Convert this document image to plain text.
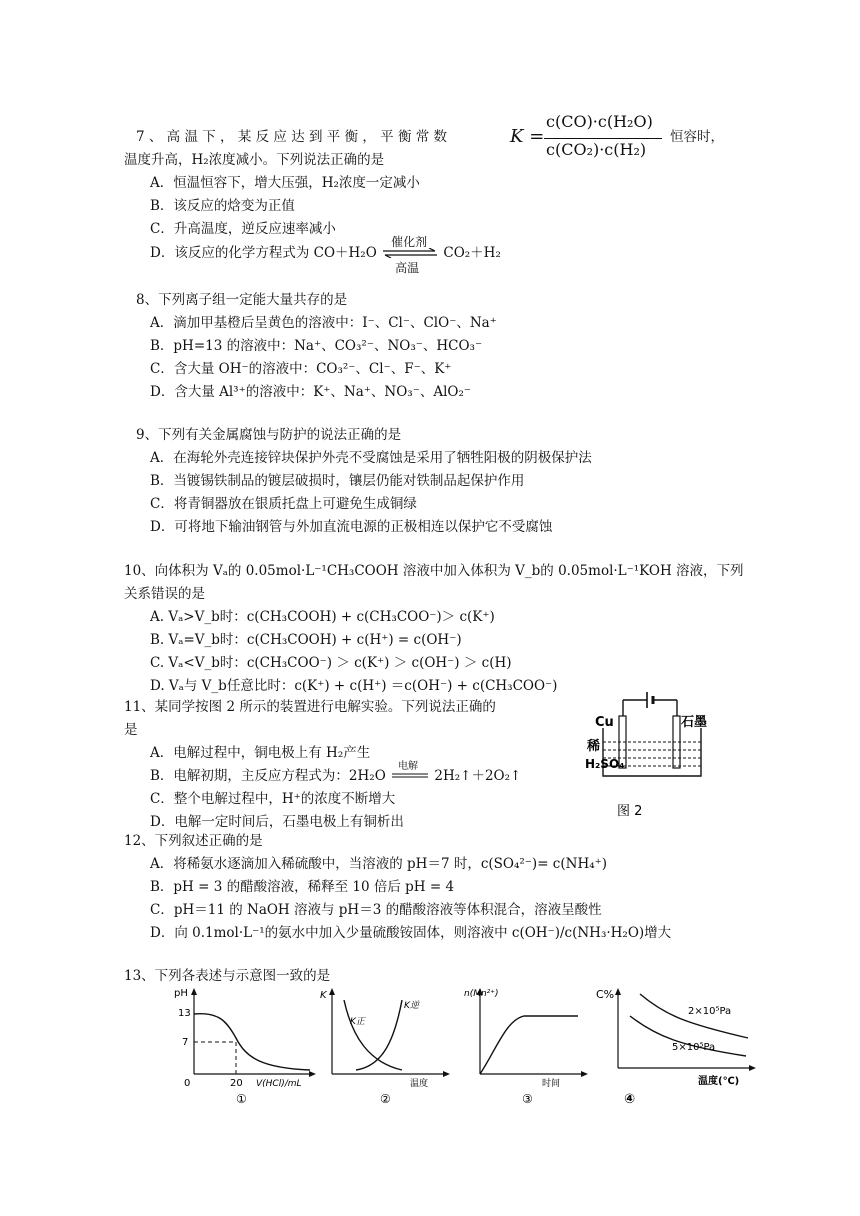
7 、 高 温 下 ， 某 反 应 达 到 平 衡 ， 平 衡 常 数	K =
c(CO)·c(H₂O)
c(CO₂)·c(H₂)
恒容时，
温度升高，H₂浓度减小。下列说法正确的是
A．恒温恒容下，增大压强，H₂浓度一定减小
B．该反应的焓变为正值
C．升高温度，逆反应速率减小
D．该反应的化学方程式为 CO＋H₂O
催化剂
高温
CO₂＋H₂
8、下列离子组一定能大量共存的是
A．滴加甲基橙后呈黄色的溶液中：I⁻、Cl⁻、ClO⁻、Na⁺
B．pH=13 的溶液中：Na⁺、CO₃²⁻、NO₃⁻、HCO₃⁻
C．含大量 OH⁻的溶液中：CO₃²⁻、Cl⁻、F⁻、K⁺
D．含大量 Al³⁺的溶液中：K⁺、Na⁺、NO₃⁻、AlO₂⁻
9、下列有关金属腐蚀与防护的说法正确的是
A．在海轮外壳连接锌块保护外壳不受腐蚀是采用了牺牲阳极的阴极保护法
B．当镀锡铁制品的镀层破损时，镶层仍能对铁制品起保护作用
C．将青铜器放在银质托盘上可避免生成铜绿
D．可将地下输油钢管与外加直流电源的正极相连以保护它不受腐蚀
10、向体积为 Vₐ的 0.05mol·L⁻¹CH₃COOH 溶液中加入体积为 V_b的 0.05mol·L⁻¹KOH 溶液，下列
关系错误的是
A. Vₐ>V_b时：c(CH₃COOH) + c(CH₃COO⁻)＞ c(K⁺)
B. Vₐ=V_b时：c(CH₃COOH) + c(H⁺) = c(OH⁻)
C. Vₐ<V_b时：c(CH₃COO⁻) ＞ c(K⁺) ＞ c(OH⁻) ＞ c(H)
D. Vₐ与 V_b任意比时：c(K⁺) + c(H⁺) ＝c(OH⁻) + c(CH₃COO⁻)
11、某同学按图 2 所示的装置进行电解实验。下列说法正确的
是
A．电解过程中，铜电极上有 H₂产生
B．电解初期，主反应方程式为：2H₂O
电解
2H₂↑＋2O₂↑
C．整个电解过程中，H⁺的浓度不断增大
D．电解一定时间后，石墨电极上有铜析出
Cu	石墨
稀
H₂SO₄
图 2
12、下列叙述正确的是
A．将稀氨水逐滴加入稀硫酸中，当溶液的 pH＝7 时，c(SO₄²⁻)= c(NH₄⁺)
B．pH = 3 的醋酸溶液，稀释至 10 倍后 pH = 4
C．pH＝11 的 NaOH 溶液与 pH＝3 的醋酸溶液等体积混合，溶液呈酸性
D．向 0.1mol·L⁻¹的氨水中加入少量硫酸铵固体，则溶液中 c(OH⁻)/c(NH₃·H₂O)增大
13、下列各表述与示意图一致的是
pH
13
7
0	20 V(HCl)/mL
①
K
K正
K逆
温度
②
n(Mn²⁺)
时间
③
C%
2×10⁵Pa
5×10⁵Pa
温度(℃)
④
